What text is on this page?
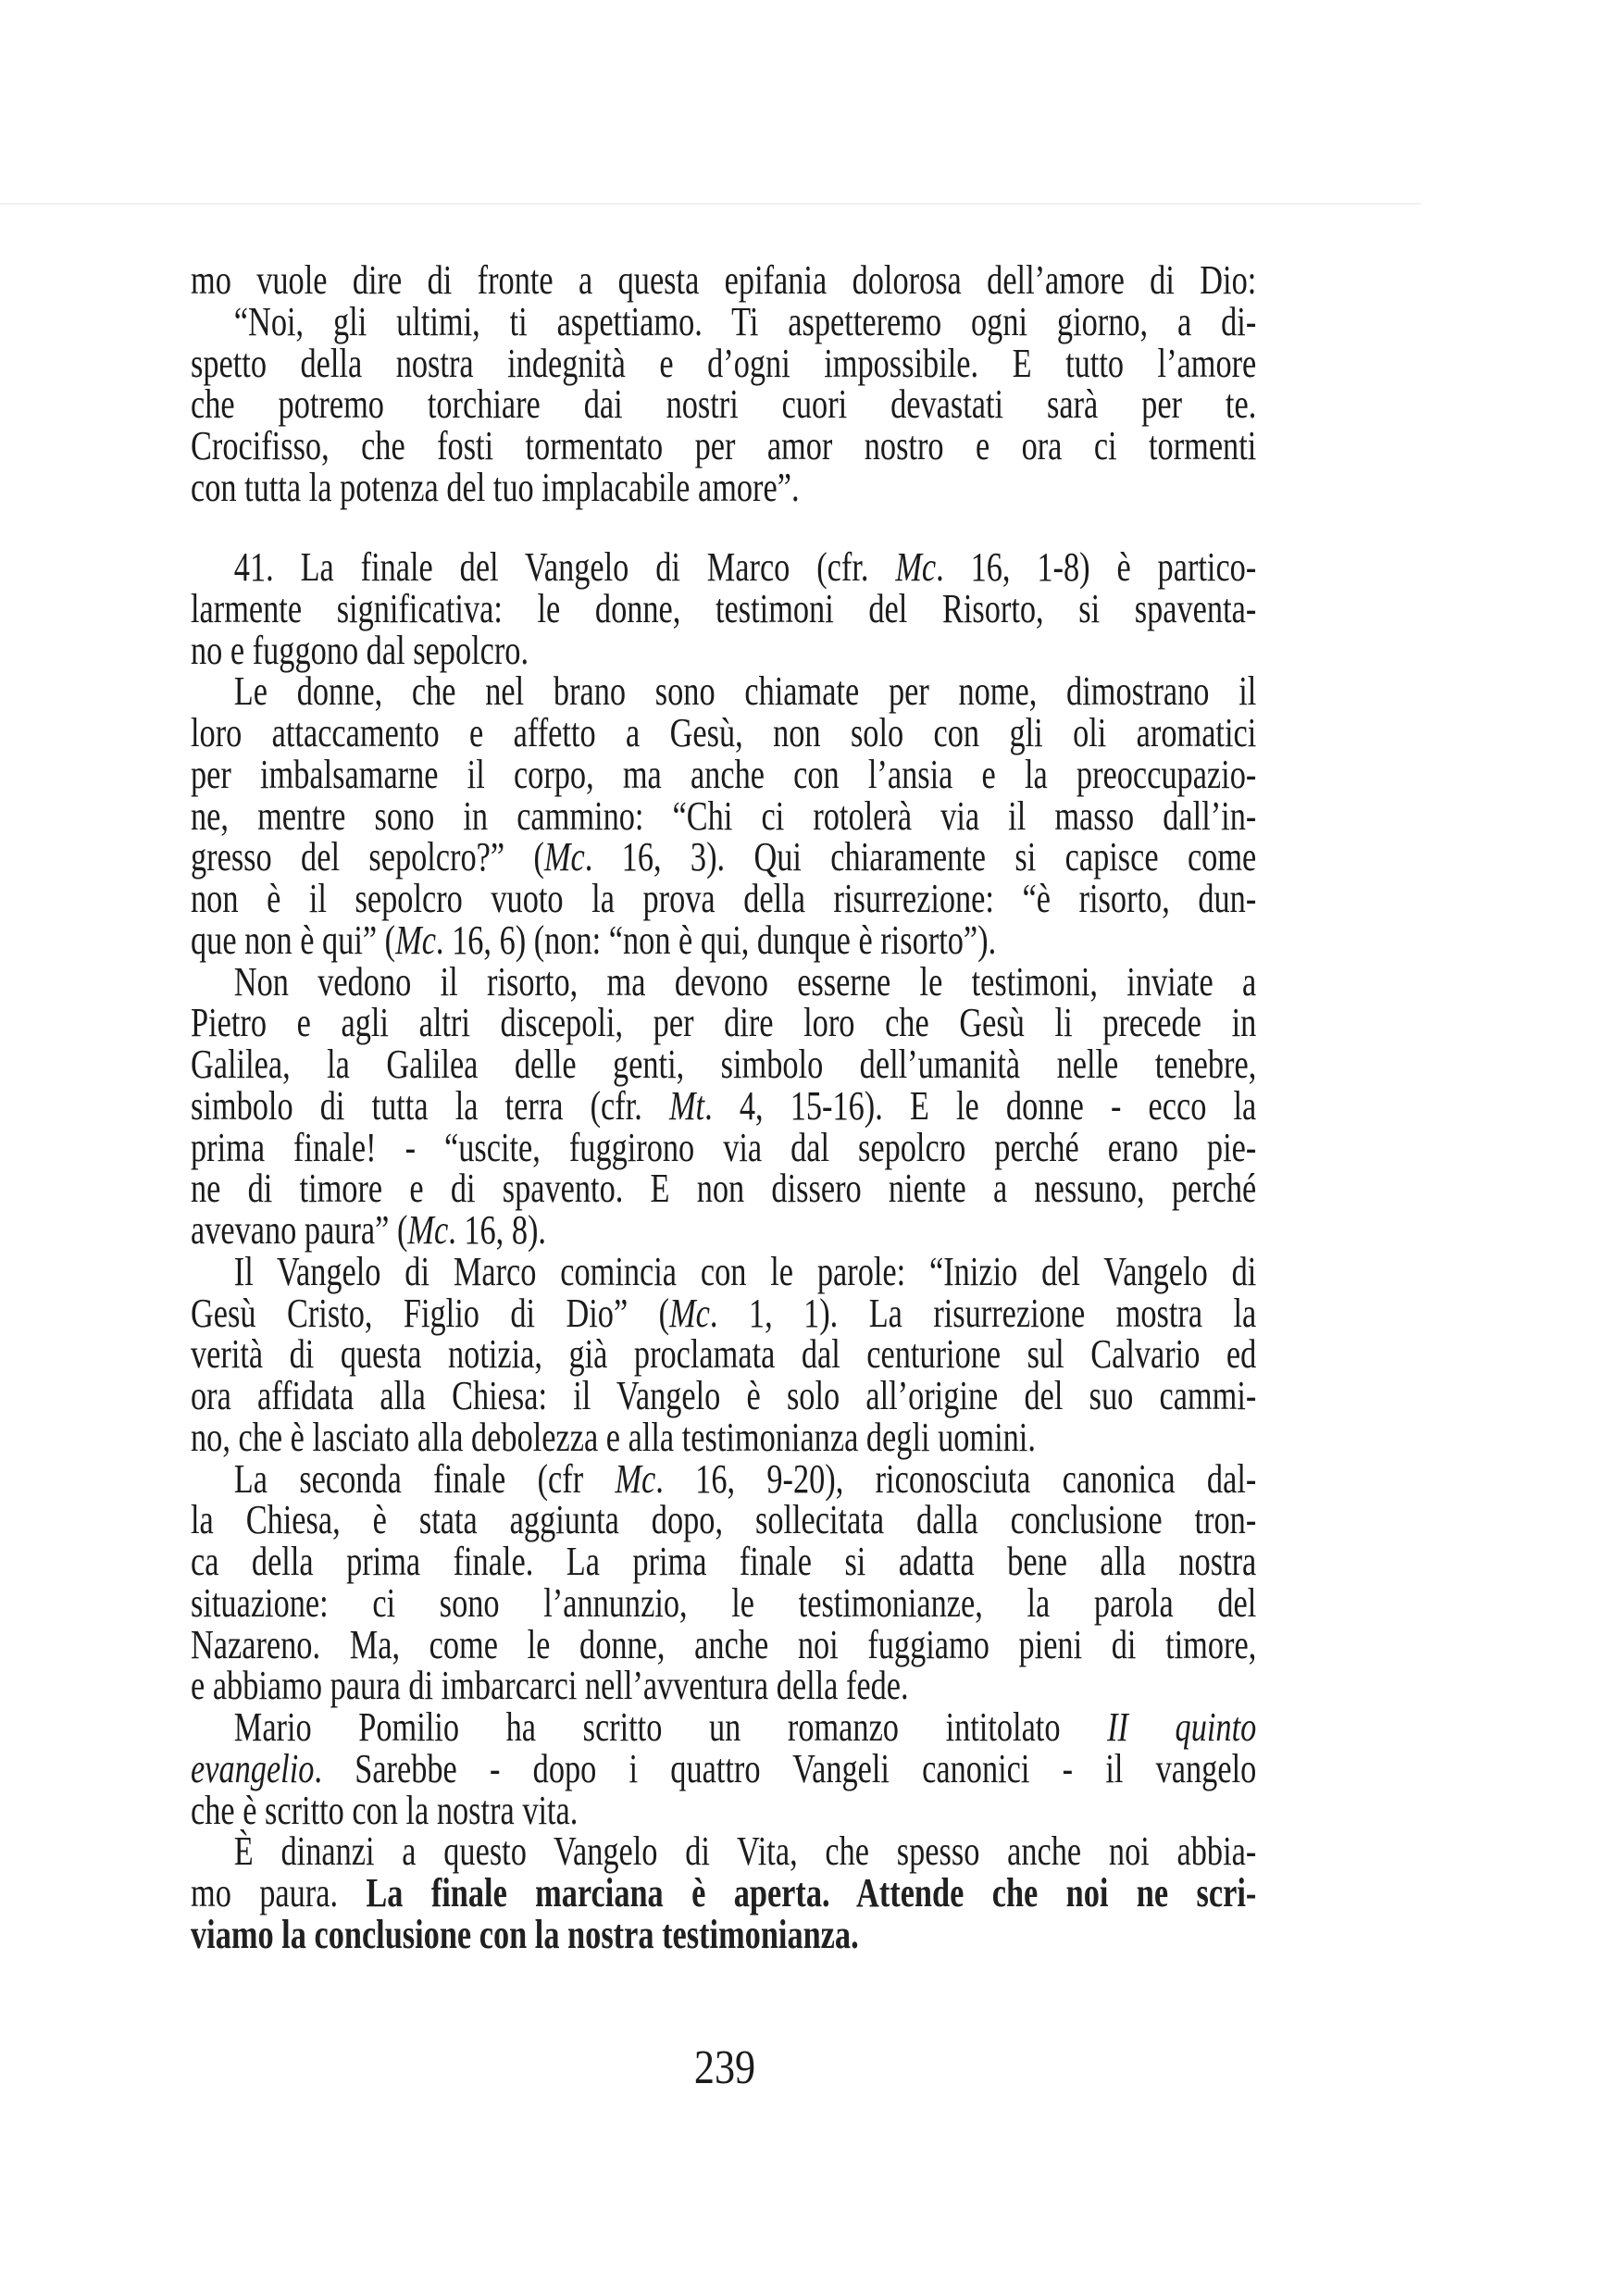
mo vuole dire di fronte a questa epifania dolorosa dell’amore di Dio:
“Noi, gli ultimi, ti aspettiamo. Ti aspetteremo ogni giorno, a di-
spetto della nostra indegnità e d’ogni impossibile. E tutto l’amore
che potremo torchiare dai nostri cuori devastati sarà per te.
Crocifisso, che fosti tormentato per amor nostro e ora ci tormenti
con tutta la potenza del tuo implacabile amore”.
41. La finale del Vangelo di Marco (cfr. Mc. 16, 1-8) è partico-
larmente significativa: le donne, testimoni del Risorto, si spaventa-
no e fuggono dal sepolcro.
Le donne, che nel brano sono chiamate per nome, dimostrano il
loro attaccamento e affetto a Gesù, non solo con gli oli aromatici
per imbalsamarne il corpo, ma anche con l’ansia e la preoccupazio-
ne, mentre sono in cammino: “Chi ci rotolerà via il masso dall’in-
gresso del sepolcro?” (Mc. 16, 3). Qui chiaramente si capisce come
non è il sepolcro vuoto la prova della risurrezione: “è risorto, dun-
que non è qui” (Mc. 16, 6) (non: “non è qui, dunque è risorto”).
Non vedono il risorto, ma devono esserne le testimoni, inviate a
Pietro e agli altri discepoli, per dire loro che Gesù li precede in
Galilea, la Galilea delle genti, simbolo dell’umanità nelle tenebre,
simbolo di tutta la terra (cfr. Mt. 4, 15-16). E le donne - ecco la
prima finale! - “uscite, fuggirono via dal sepolcro perché erano pie-
ne di timore e di spavento. E non dissero niente a nessuno, perché
avevano paura” (Mc. 16, 8).
Il Vangelo di Marco comincia con le parole: “Inizio del Vangelo di
Gesù Cristo, Figlio di Dio” (Mc. 1, 1). La risurrezione mostra la
verità di questa notizia, già proclamata dal centurione sul Calvario ed
ora affidata alla Chiesa: il Vangelo è solo all’origine del suo cammi-
no, che è lasciato alla debolezza e alla testimonianza degli uomini.
La seconda finale (cfr Mc. 16, 9-20), riconosciuta canonica dal-
la Chiesa, è stata aggiunta dopo, sollecitata dalla conclusione tron-
ca della prima finale. La prima finale si adatta bene alla nostra
situazione: ci sono l’annunzio, le testimonianze, la parola del
Nazareno. Ma, come le donne, anche noi fuggiamo pieni di timore,
e abbiamo paura di imbarcarci nell’avventura della fede.
Mario Pomilio ha scritto un romanzo intitolato II quinto
evangelio. Sarebbe - dopo i quattro Vangeli canonici - il vangelo
che è scritto con la nostra vita.
È dinanzi a questo Vangelo di Vita, che spesso anche noi abbia-
mo paura. La finale marciana è aperta. Attende che noi ne scri-
viamo la conclusione con la nostra testimonianza.
239
